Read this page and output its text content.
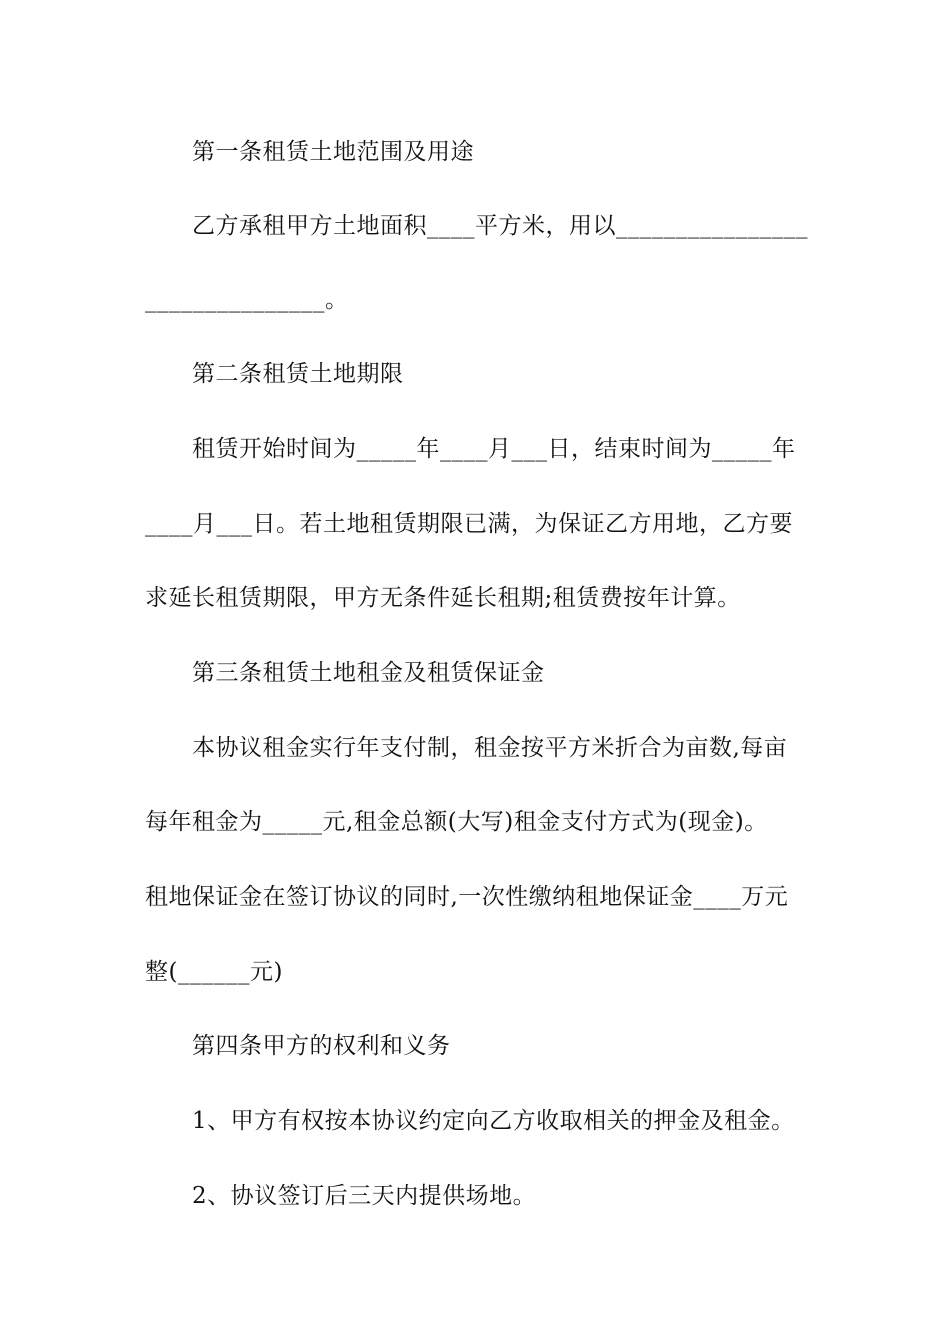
第一条租赁土地范围及用途
乙方承租甲方土地面积____平方米，用以________________
_______________。
第二条租赁土地期限
租赁开始时间为_____年____月___日，结束时间为_____年
____月___日。若土地租赁期限已满，为保证乙方用地，乙方要
求延长租赁期限，甲方无条件延长租期;租赁费按年计算。
第三条租赁土地租金及租赁保证金
本协议租金实行年支付制，租金按平方米折合为亩数,每亩
每年租金为_____元,租金总额(大写)租金支付方式为(现金)。
租地保证金在签订协议的同时,一次性缴纳租地保证金____万元
整(______元)
第四条甲方的权利和义务
1、甲方有权按本协议约定向乙方收取相关的押金及租金。
2、协议签订后三天内提供场地。
